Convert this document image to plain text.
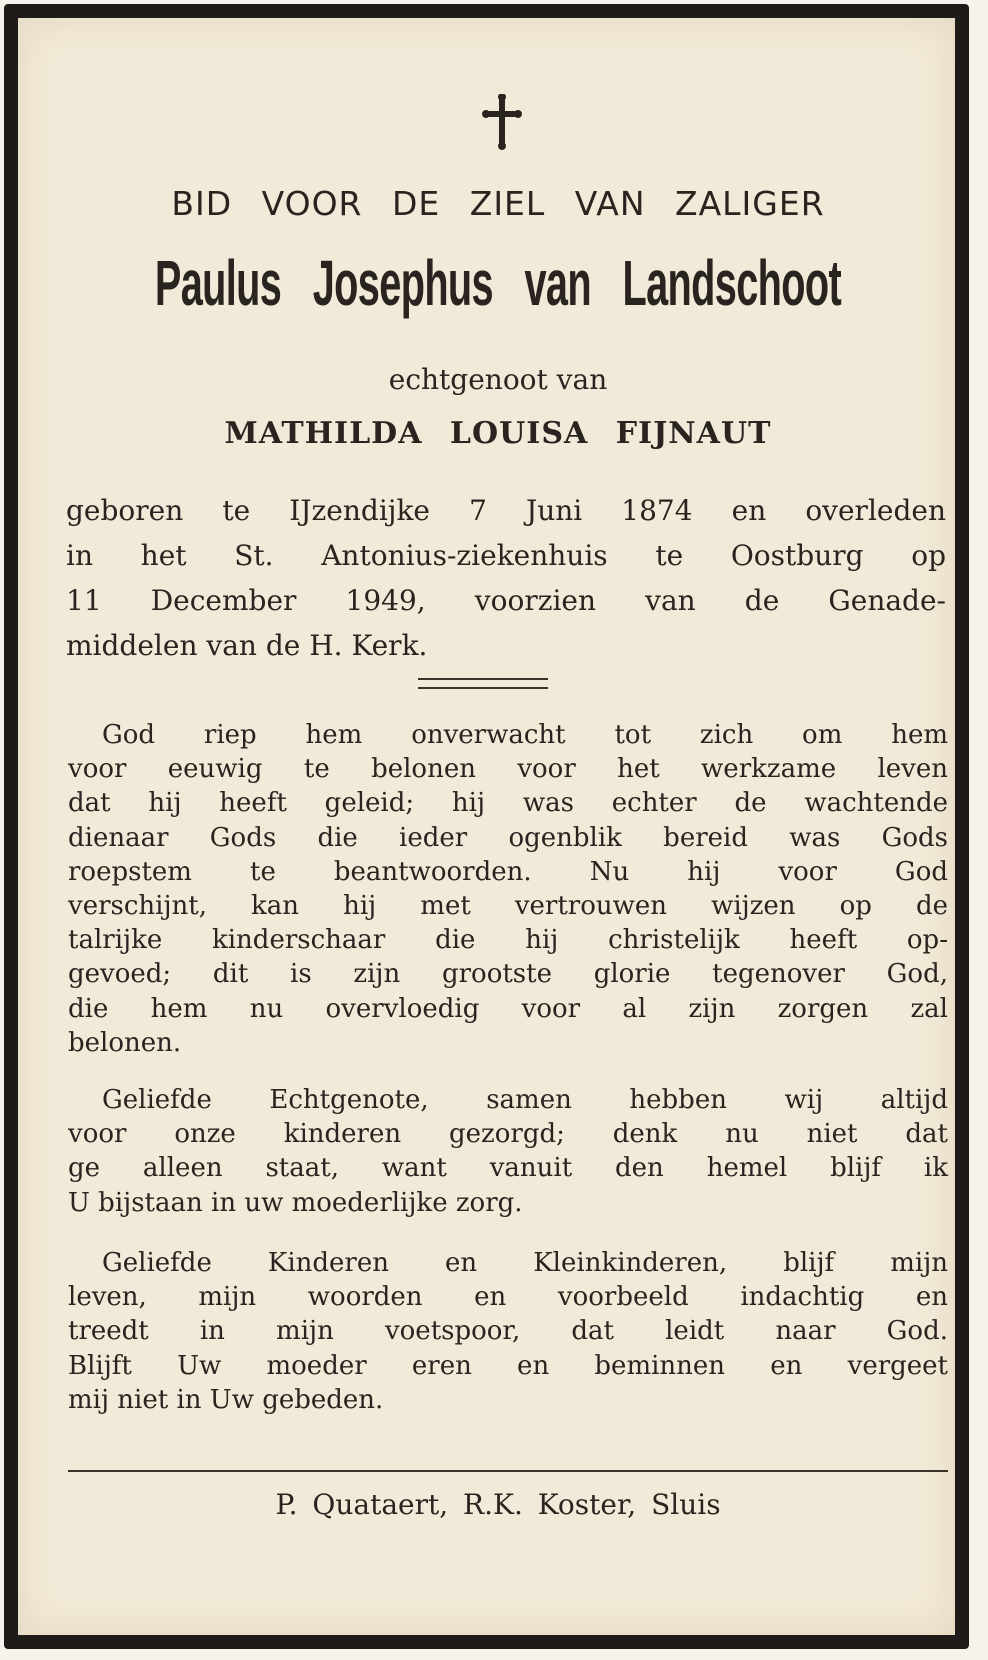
BID VOOR DE ZIEL VAN ZALIGER
Paulus Josephus van Landschoot
echtgenoot van
MATHILDA LOUISA FIJNAUT
geboren te IJzendijke 7 Juni 1874 en overleden
in het St. Antonius-ziekenhuis te Oostburg op
11 December 1949, voorzien van de Genade-
middelen van de H. Kerk.
God riep hem onverwacht tot zich om hem
voor eeuwig te belonen voor het werkzame leven
dat hij heeft geleid; hij was echter de wachtende
dienaar Gods die ieder ogenblik bereid was Gods
roepstem te beantwoorden. Nu hij voor God
verschijnt, kan hij met vertrouwen wijzen op de
talrijke kinderschaar die hij christelijk heeft op-
gevoed; dit is zijn grootste glorie tegenover God,
die hem nu overvloedig voor al zijn zorgen zal
belonen.
Geliefde Echtgenote, samen hebben wij altijd
voor onze kinderen gezorgd; denk nu niet dat
ge alleen staat, want vanuit den hemel blijf ik
U bijstaan in uw moederlijke zorg.
Geliefde Kinderen en Kleinkinderen, blijf mijn
leven, mijn woorden en voorbeeld indachtig en
treedt in mijn voetspoor, dat leidt naar God.
Blijft Uw moeder eren en beminnen en vergeet
mij niet in Uw gebeden.
P. Quataert, R.K. Koster, Sluis
